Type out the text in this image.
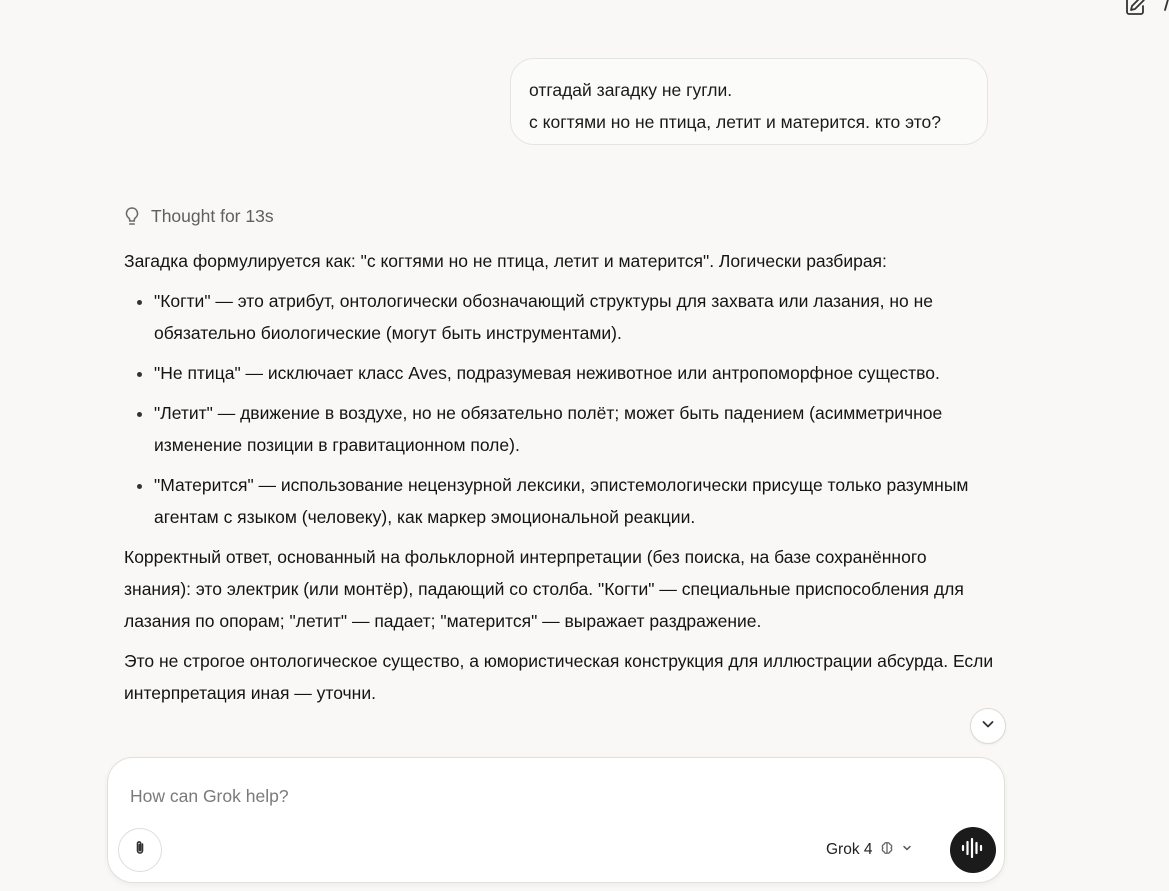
отгадай загадку не гугли.

с когтями но не птица, летит и матерится. кто это?

Thought for 13s

Загадка формулируется как: "с когтями но не птица, летит и матерится". Логически разбирая:

• "Когти" — это атрибут, онтологически обозначающий структуры для захвата или лазания, но не обязательно биологические (могут быть инструментами).
• "Не птица" — исключает класс Aves, подразумевая неживотное или антропоморфное существо.
• "Летит" — движение в воздухе, но не обязательно полёт; может быть падением (асимметричное изменение позиции в гравитационном поле).
• "Матерится" — использование нецензурной лексики, эпистемологически присуще только разумным агентам с языком (человеку), как маркер эмоциональной реакции.

Корректный ответ, основанный на фольклорной интерпретации (без поиска, на базе сохранённого знания): это электрик (или монтёр), падающий со столба. "Когти" — специальные приспособления для лазания по опорам; "летит" — падает; "матерится" — выражает раздражение.

Это не строгое онтологическое существо, а юмористическая конструкция для иллюстрации абсурда. Если интерпретация иная — уточни.

How can Grok help?
Grok 4
